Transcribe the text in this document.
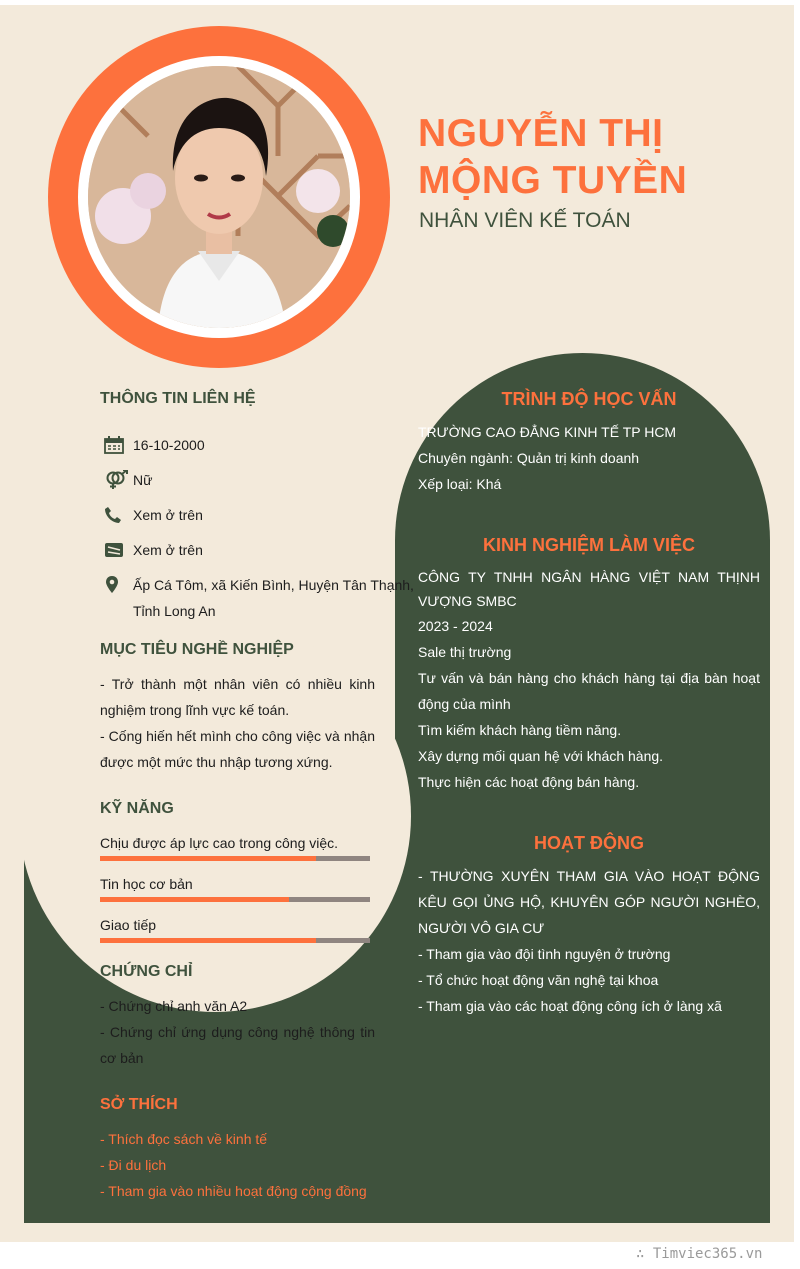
NGUYỄN THỊ
MỘNG TUYỀN
NHÂN VIÊN KẾ TOÁN
THÔNG TIN LIÊN HỆ
16-10-2000
Nữ
Xem ở trên
Xem ở trên
Ấp Cá Tôm, xã Kiến Bình, Huyện Tân Thạnh,
Tỉnh Long An
MỤC TIÊU NGHỀ NGHIỆP
- Trở thành một nhân viên có nhiều kinh nghiệm trong lĩnh vực kế toán.
- Cống hiến hết mình cho công việc và nhận được một mức thu nhập tương xứng.
KỸ NĂNG
Chịu được áp lực cao trong công việc.
Tin học cơ bản
Giao tiếp
CHỨNG CHỈ
- Chứng chỉ anh văn A2
- Chứng chỉ ứng dụng công nghệ thông tin cơ bản
SỞ THÍCH
- Thích đọc sách về kinh tế
- Đi du lịch
- Tham gia vào nhiều hoạt động cộng đồng
TRÌNH ĐỘ HỌC VẤN
TRƯỜNG CAO ĐẲNG KINH TẾ TP HCM
Chuyên ngành: Quản trị kinh doanh
Xếp loại: Khá
KINH NGHIỆM LÀM VIỆC
CÔNG TY TNHH NGÂN HÀNG VIỆT NAM THỊNH VƯỢNG SMBC
2023 - 2024
Sale thị trường
Tư vấn và bán hàng cho khách hàng tại địa bàn hoạt động của mình
Tìm kiếm khách hàng tiềm năng.
Xây dựng mối quan hệ với khách hàng.
Thực hiện các hoạt động bán hàng.
HOẠT ĐỘNG
- THƯỜNG XUYÊN THAM GIA VÀO HOẠT ĐỘNG KÊU GỌI ỦNG HỘ, KHUYÊN GÓP NGƯỜI NGHÈO, NGƯỜI VÔ GIA CƯ
- Tham gia vào đội tình nguyện ở trường
- Tổ chức hoạt động văn nghệ tại khoa
- Tham gia vào các hoạt động công ích ở làng xã
∴ Timviec365.vn
